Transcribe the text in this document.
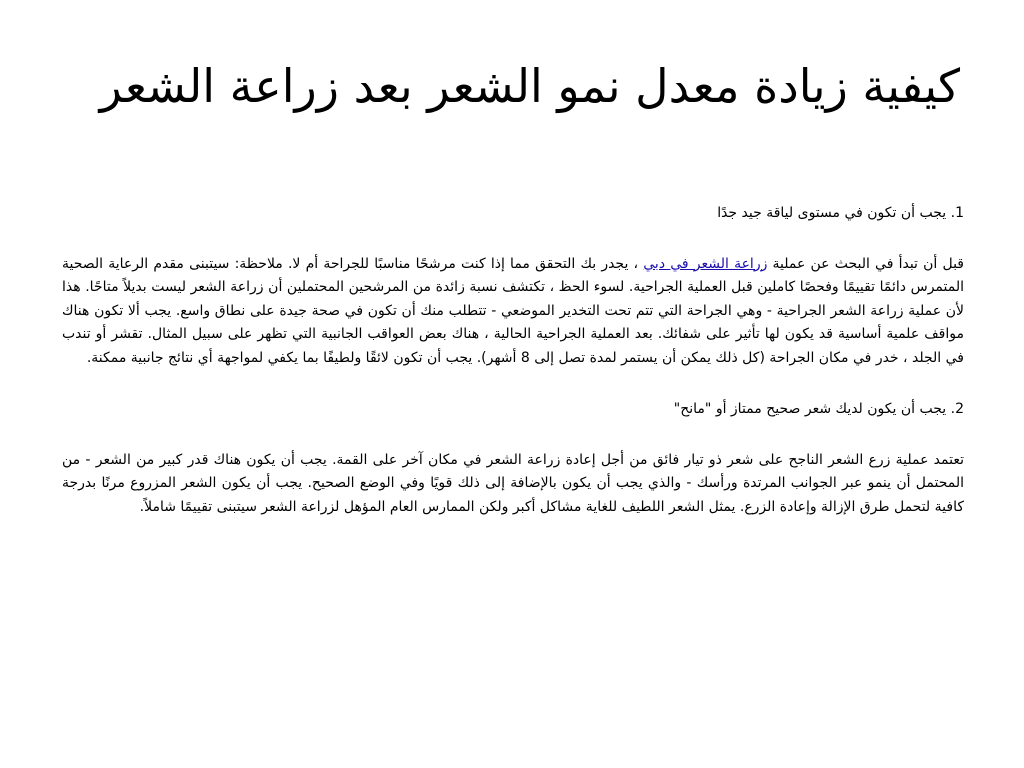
كيفية زيادة معدل نمو الشعر بعد زراعة الشعر

1. يجب أن تكون في مستوى لياقة جيد جدًا

قبل أن تبدأ في البحث عن عملية زراعة الشعر في دبي ، يجدر بك التحقق مما إذا كنت مرشحًا مناسبًا للجراحة أم لا. ملاحظة: سيتبنى مقدم الرعاية الصحية المتمرس دائمًا تقييمًا وفحصًا كاملين قبل العملية الجراحية. لسوء الحظ ، تكتشف نسبة زائدة من المرشحين المحتملين أن زراعة الشعر ليست بديلاً متاحًا. هذا لأن عملية زراعة الشعر الجراحية - وهي الجراحة التي تتم تحت التخدير الموضعي - تتطلب منك أن تكون في صحة جيدة على نطاق واسع. يجب ألا تكون هناك مواقف علمية أساسية قد يكون لها تأثير على شفائك. بعد العملية الجراحية الحالية ، هناك بعض العواقب الجانبية التي تظهر على سبيل المثال. تقشر أو تندب في الجلد ، خدر في مكان الجراحة (كل ذلك يمكن أن يستمر لمدة تصل إلى 8 أشهر). يجب أن تكون لائقًا ولطيفًا بما يكفي لمواجهة أي نتائج جانبية ممكنة.

2. يجب أن يكون لديك شعر صحيح ممتاز أو "مانح"

تعتمد عملية زرع الشعر الناجح على شعر ذو تيار فائق من أجل إعادة زراعة الشعر في مكان آخر على القمة. يجب أن يكون هناك قدر كبير من الشعر - من المحتمل أن ينمو عبر الجوانب المرتدة ورأسك - والذي يجب أن يكون بالإضافة إلى ذلك قويًا وفي الوضع الصحيح. يجب أن يكون الشعر المزروع مرنًا بدرجة كافية لتحمل طرق الإزالة وإعادة الزرع. يمثل الشعر اللطيف للغاية مشاكل أكبر ولكن الممارس العام المؤهل لزراعة الشعر سيتبنى تقييمًا شاملاً.
